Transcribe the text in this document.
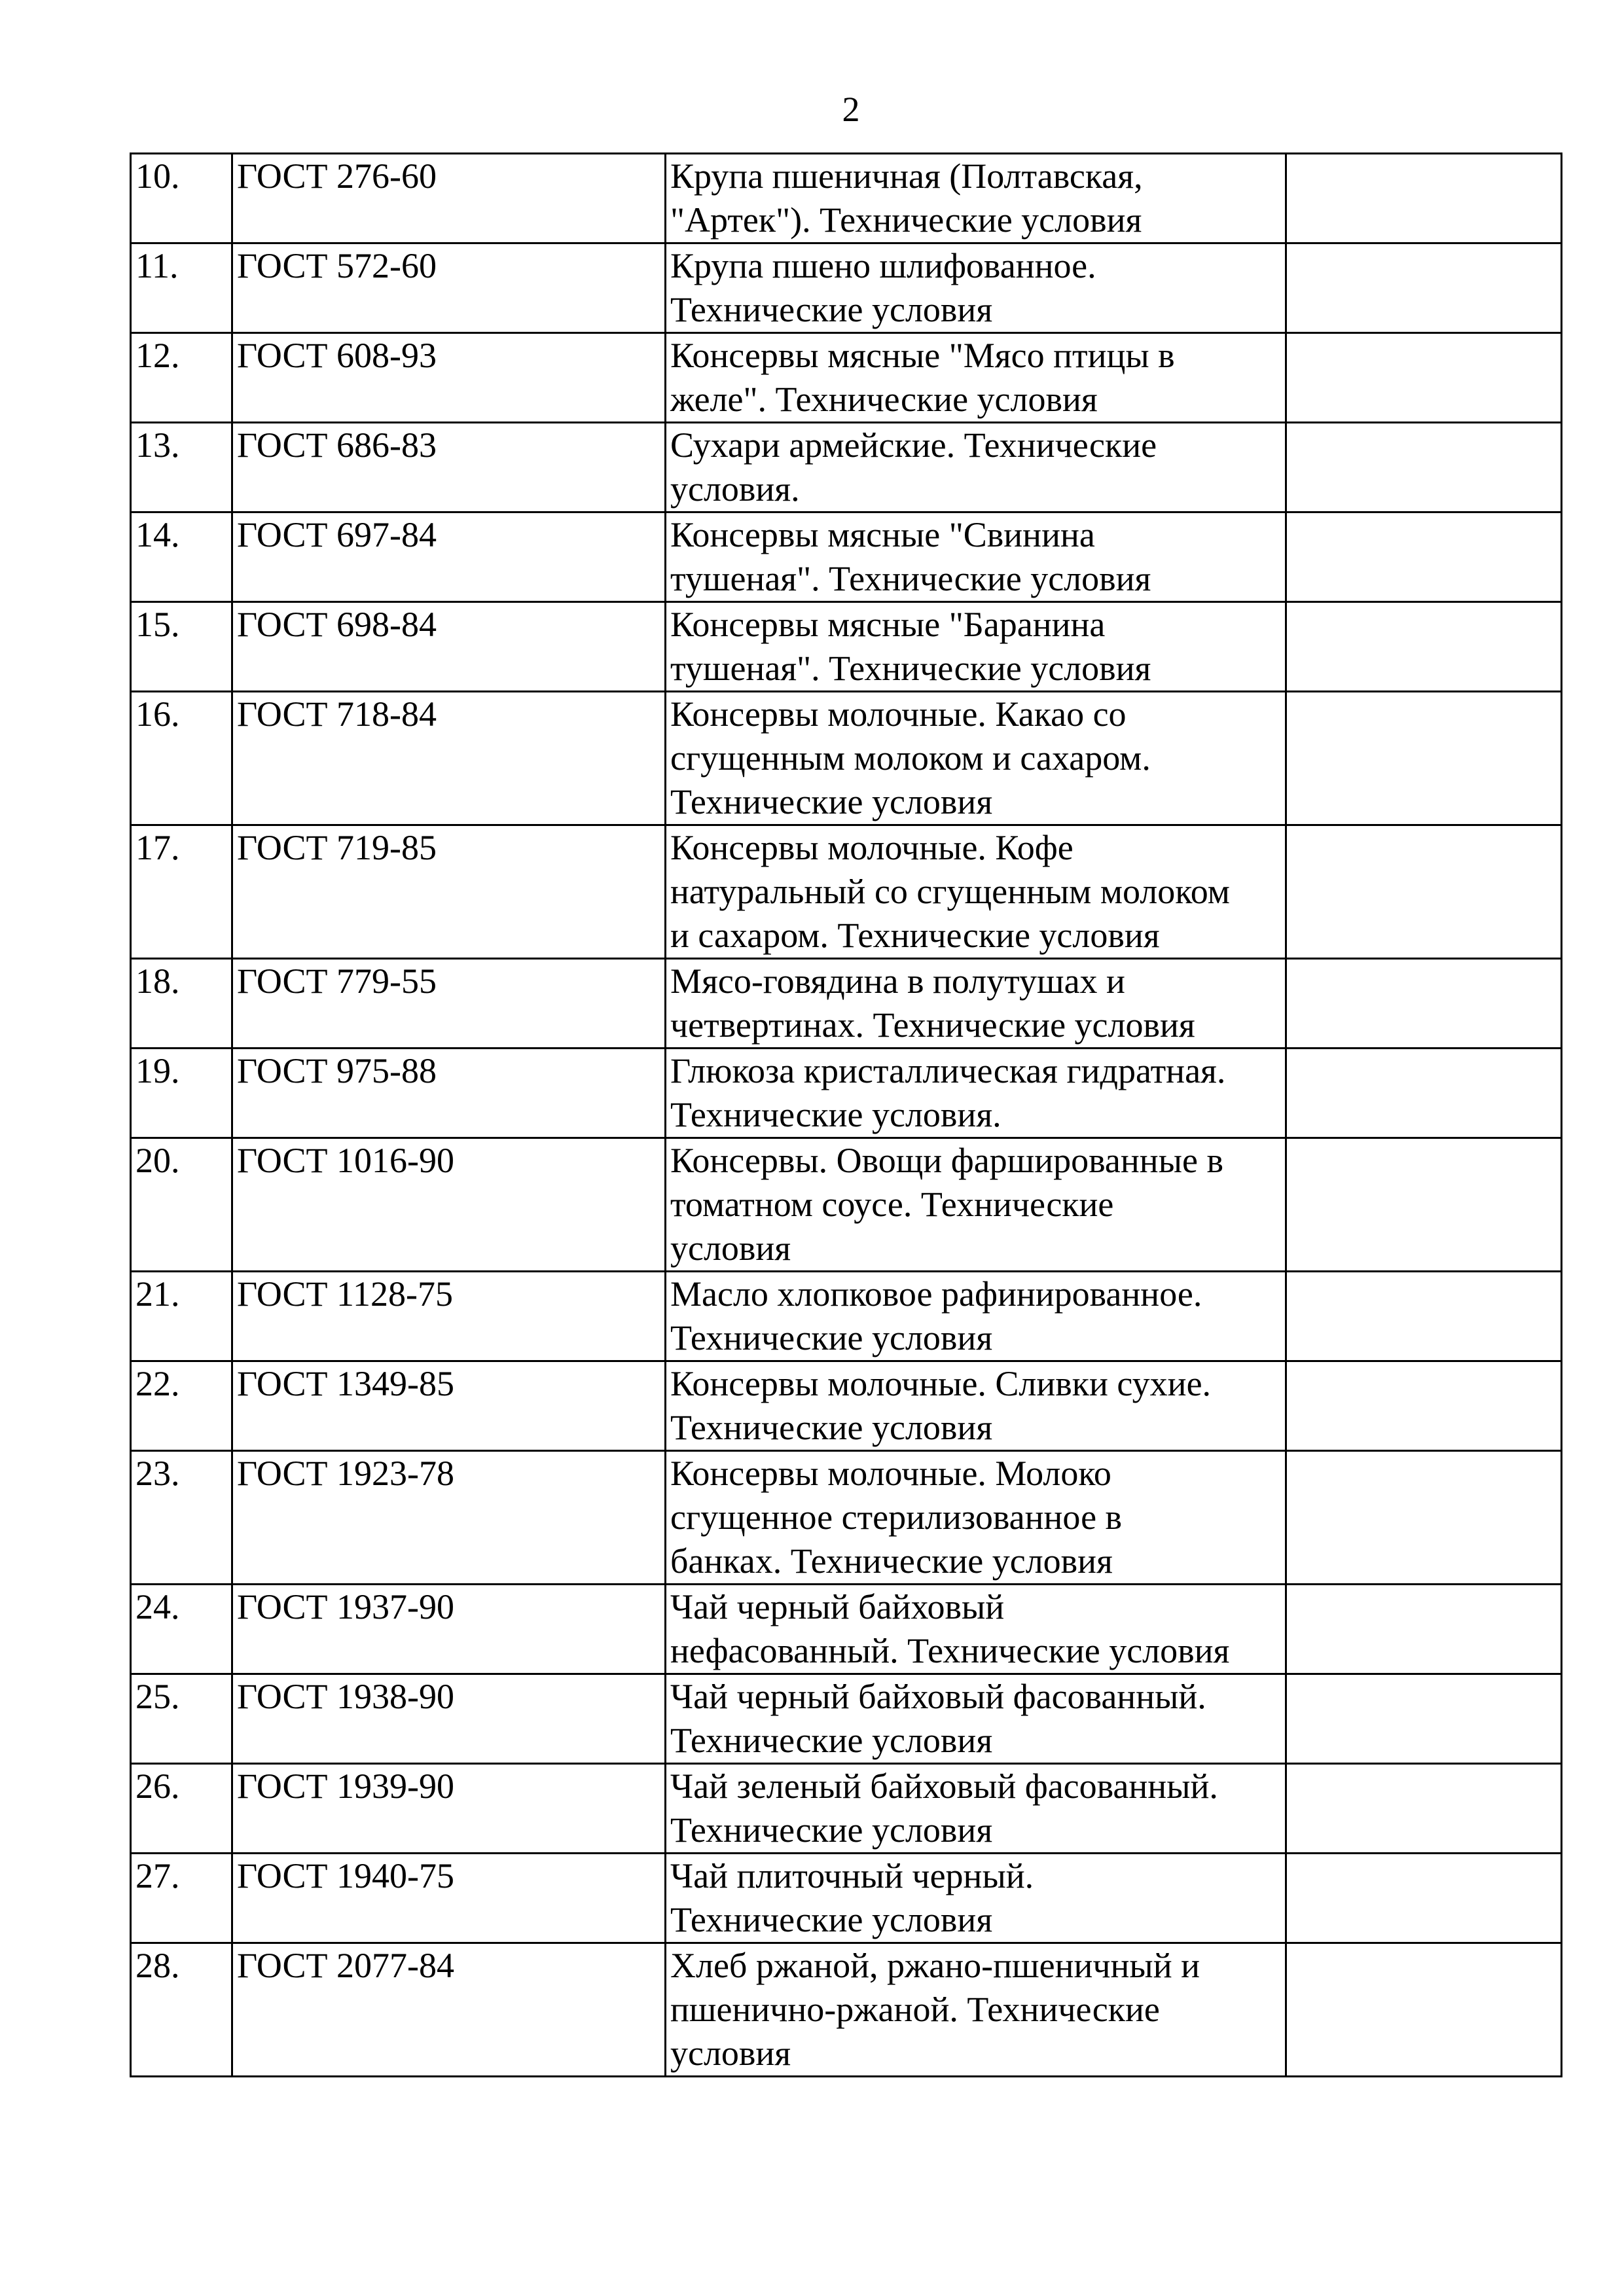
2
10.	ГОСТ 276-60	Крупа пшеничная (Полтавская,
"Артек"). Технические условия	

11.	ГОСТ 572-60	Крупа пшено шлифованное.
Технические условия	

12.	ГОСТ 608-93	Консервы мясные "Мясо птицы в
желе". Технические условия	

13.	ГОСТ 686-83	Сухари армейские. Технические
условия.	

14.	ГОСТ 697-84	Консервы мясные "Свинина
тушеная". Технические условия	

15.	ГОСТ 698-84	Консервы мясные "Баранина
тушеная". Технические условия	

16.	ГОСТ 718-84	Консервы молочные. Какао со
сгущенным молоком и сахаром.
Технические условия	

17.	ГОСТ 719-85	Консервы молочные. Кофе
натуральный со сгущенным молоком
и сахаром. Технические условия	

18.	ГОСТ 779-55	Мясо-говядина в полутушах и
четвертинах. Технические условия	

19.	ГОСТ 975-88	Глюкоза кристаллическая гидратная.
Технические условия.	

20.	ГОСТ 1016-90	Консервы. Овощи фаршированные в
томатном соусе. Технические
условия	

21.	ГОСТ 1128-75	Масло хлопковое рафинированное.
Технические условия	

22.	ГОСТ 1349-85	Консервы молочные. Сливки сухие.
Технические условия	

23.	ГОСТ 1923-78	Консервы молочные. Молоко
сгущенное стерилизованное в
банках. Технические условия	

24.	ГОСТ 1937-90	Чай черный байховый
нефасованный. Технические условия	

25.	ГОСТ 1938-90	Чай черный байховый фасованный.
Технические условия	

26.	ГОСТ 1939-90	Чай зеленый байховый фасованный.
Технические условия	

27.	ГОСТ 1940-75	Чай плиточный черный.
Технические условия	

28.	ГОСТ 2077-84	Хлеб ржаной, ржано-пшеничный и
пшенично-ржаной. Технические
условия	
